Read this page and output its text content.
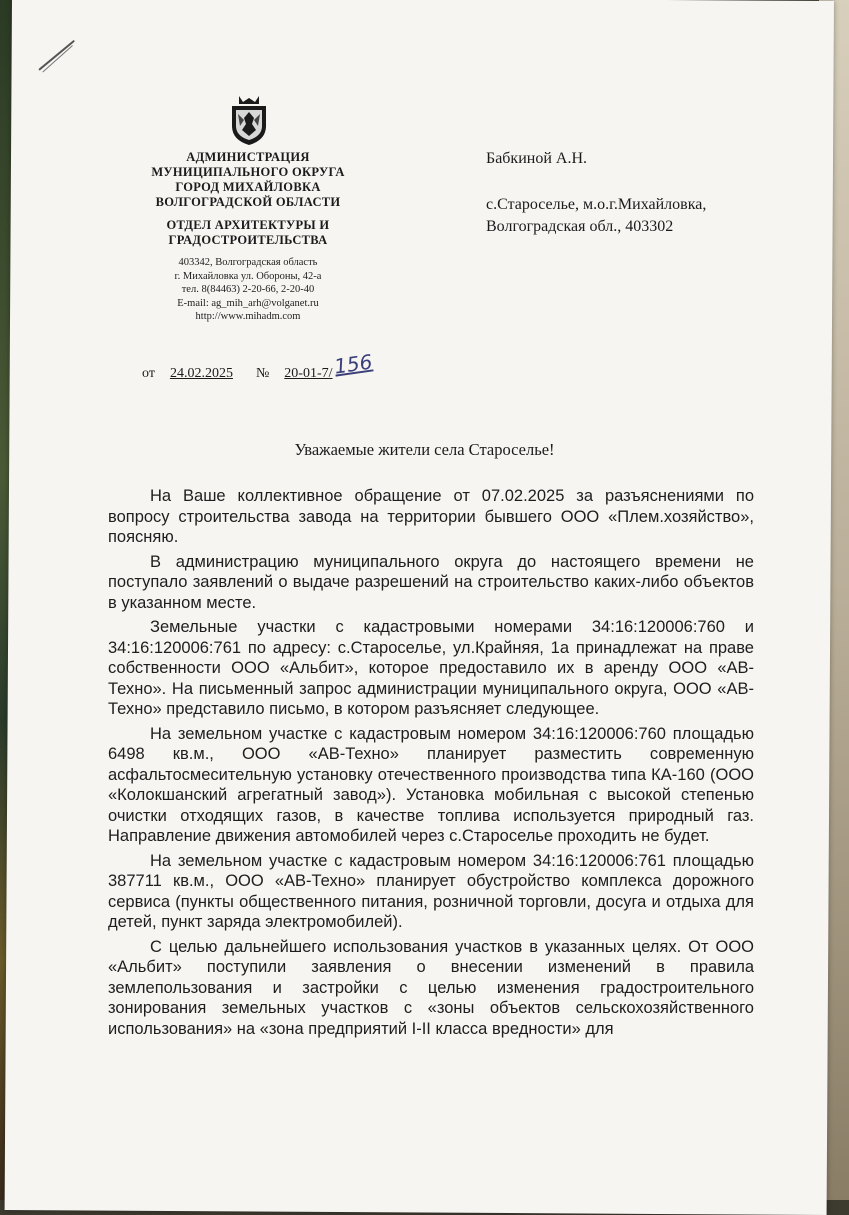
АДМИНИСТРАЦИЯ
МУНИЦИПАЛЬНОГО ОКРУГА
ГОРОД МИХАЙЛОВКА
ВОЛГОГРАДСКОЙ ОБЛАСТИ
ОТДЕЛ АРХИТЕКТУРЫ И
ГРАДОСТРОИТЕЛЬСТВА
403342, Волгоградская область
г. Михайловка ул. Обороны, 42-а
тел. 8(84463) 2-20-66, 2-20-40
E-mail: ag_mih_arh@volganet.ru
http://www.mihadm.com
от 24.02.2025 № 20-01-7/156
Бабкиной А.Н.
с.Староселье, м.о.г.Михайловка,
Волгоградская обл., 403302
Уважаемые жители села Староселье!

На Ваше коллективное обращение от 07.02.2025 за разъяснениями по вопросу строительства завода на территории бывшего ООО «Плем.хозяйство», поясняю.

В администрацию муниципального округа до настоящего времени не поступало заявлений о выдаче разрешений на строительство каких-либо объектов в указанном месте.

Земельные участки с кадастровыми номерами 34:16:120006:760 и 34:16:120006:761 по адресу: с.Староселье, ул.Крайняя, 1а принадлежат на праве собственности ООО «Альбит», которое предоставило их в аренду ООО «АВ-Техно». На письменный запрос администрации муниципального округа, ООО «АВ-Техно» представило письмо, в котором разъясняет следующее.

На земельном участке с кадастровым номером 34:16:120006:760 площадью 6498 кв.м., ООО «АВ-Техно» планирует разместить современную асфальтосмесительную установку отечественного производства типа КА-160 (ООО «Колокшанский агрегатный завод»). Установка мобильная с высокой степенью очистки отходящих газов, в качестве топлива используется природный газ. Направление движения автомобилей через с.Староселье проходить не будет.

На земельном участке с кадастровым номером 34:16:120006:761 площадью 387711 кв.м., ООО «АВ-Техно» планирует обустройство комплекса дорожного сервиса (пункты общественного питания, розничной торговли, досуга и отдыха для детей, пункт заряда электромобилей).

С целью дальнейшего использования участков в указанных целях. От ООО «Альбит» поступили заявления о внесении изменений в правила землепользования и застройки с целью изменения градостроительного зонирования земельных участков с «зоны объектов сельскохозяйственного использования» на «зона предприятий I-II класса вредности» для
